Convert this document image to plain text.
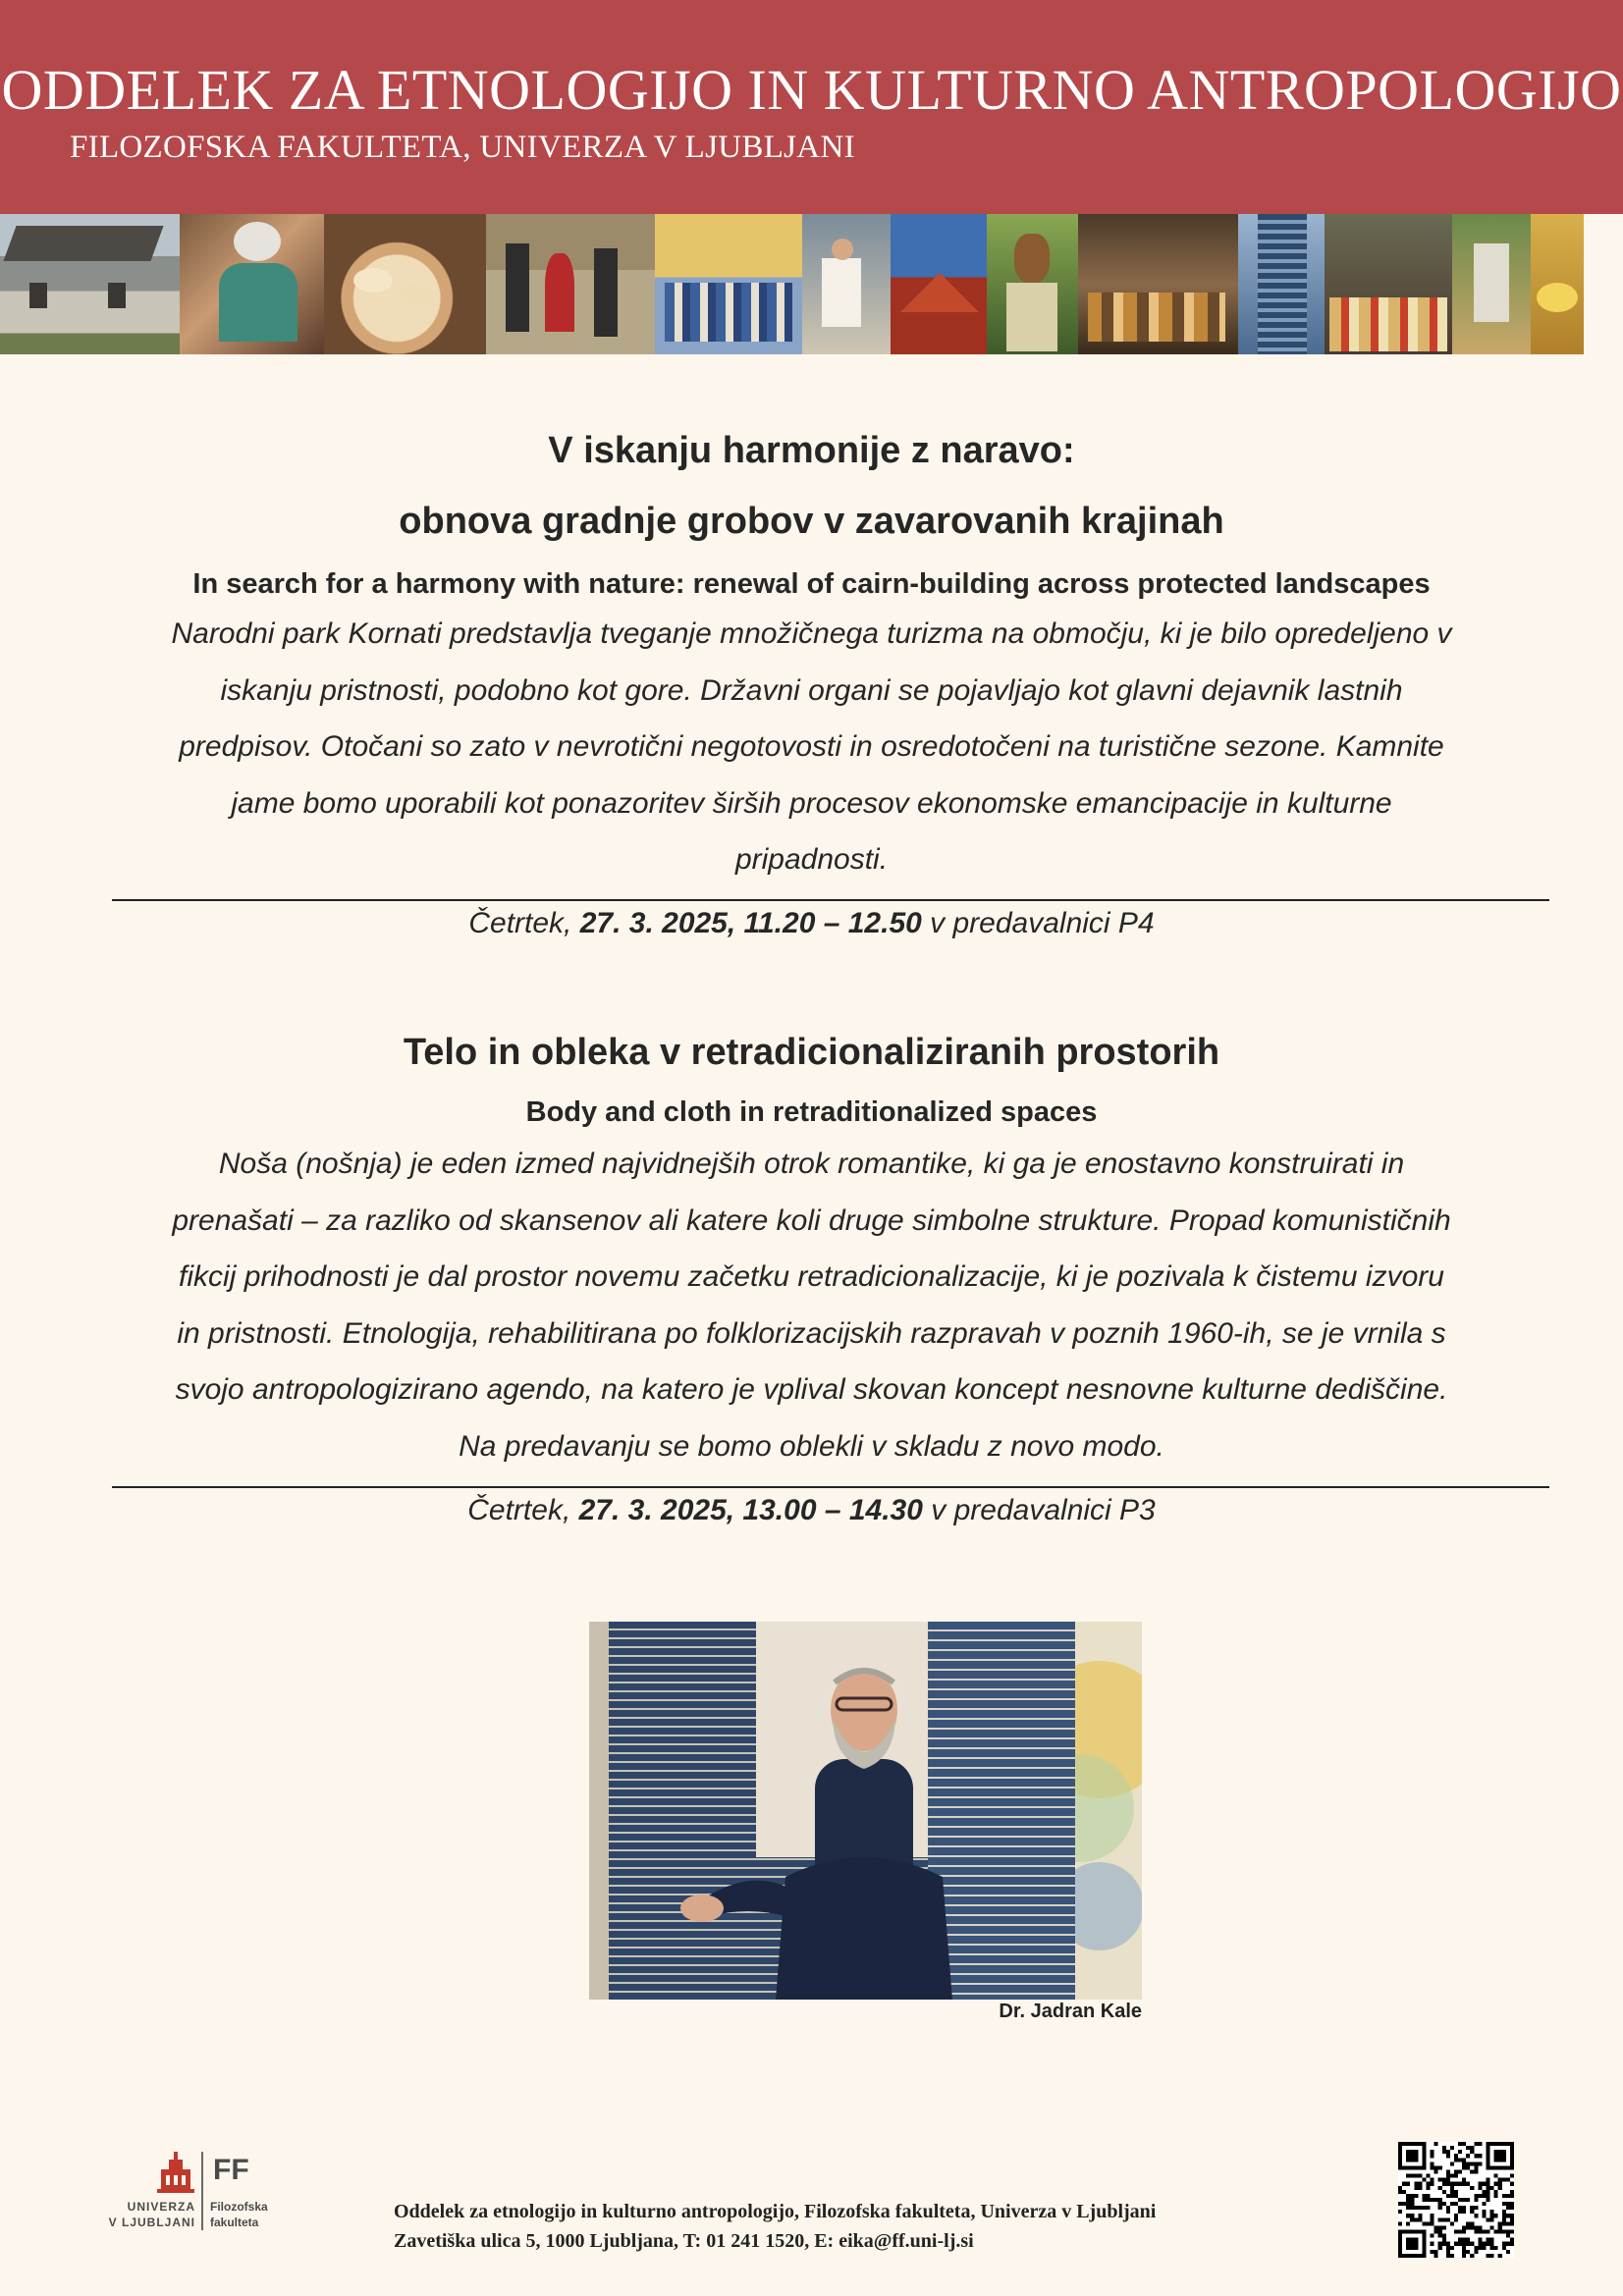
ODDELEK ZA ETNOLOGIJO IN KULTURNO ANTROPOLOGIJO
FILOZOFSKA FAKULTETA, UNIVERZA V LJUBLJANI
V iskanju harmonije z naravo:
obnova gradnje grobov v zavarovanih krajinah
In search for a harmony with nature: renewal of cairn-building across protected landscapes
Narodni park Kornati predstavlja tveganje množičnega turizma na območju, ki je bilo opredeljeno v
iskanju pristnosti, podobno kot gore. Državni organi se pojavljajo kot glavni dejavnik lastnih
predpisov. Otočani so zato v nevrotični negotovosti in osredotočeni na turistične sezone. Kamnite
jame bomo uporabili kot ponazoritev širših procesov ekonomske emancipacije in kulturne
pripadnosti.
Četrtek, 27. 3. 2025, 11.20 – 12.50 v predavalnici P4
Telo in obleka v retradicionaliziranih prostorih
Body and cloth in retraditionalized spaces
Noša (nošnja) je eden izmed najvidnejših otrok romantike, ki ga je enostavno konstruirati in
prenašati – za razliko od skansenov ali katere koli druge simbolne strukture. Propad komunističnih
fikcij prihodnosti je dal prostor novemu začetku retradicionalizacije, ki je pozivala k čistemu izvoru
in pristnosti. Etnologija, rehabilitirana po folklorizacijskih razpravah v poznih 1960-ih, se je vrnila s
svojo antropologizirano agendo, na katero je vplival skovan koncept nesnovne kulturne dediščine.
Na predavanju se bomo oblekli v skladu z novo modo.
Četrtek, 27. 3. 2025, 13.00 – 14.30 v predavalnici P3
Dr. Jadran Kale
FF
UNIVERZA
V LJUBLJANI
Filozofska
fakulteta	Oddelek za etnologijo in kulturno antropologijo, Filozofska fakulteta, Univerza v Ljubljani
Zavetiška ulica 5, 1000 Ljubljana, T: 01 241 1520, E: eika@ff.uni-lj.si
